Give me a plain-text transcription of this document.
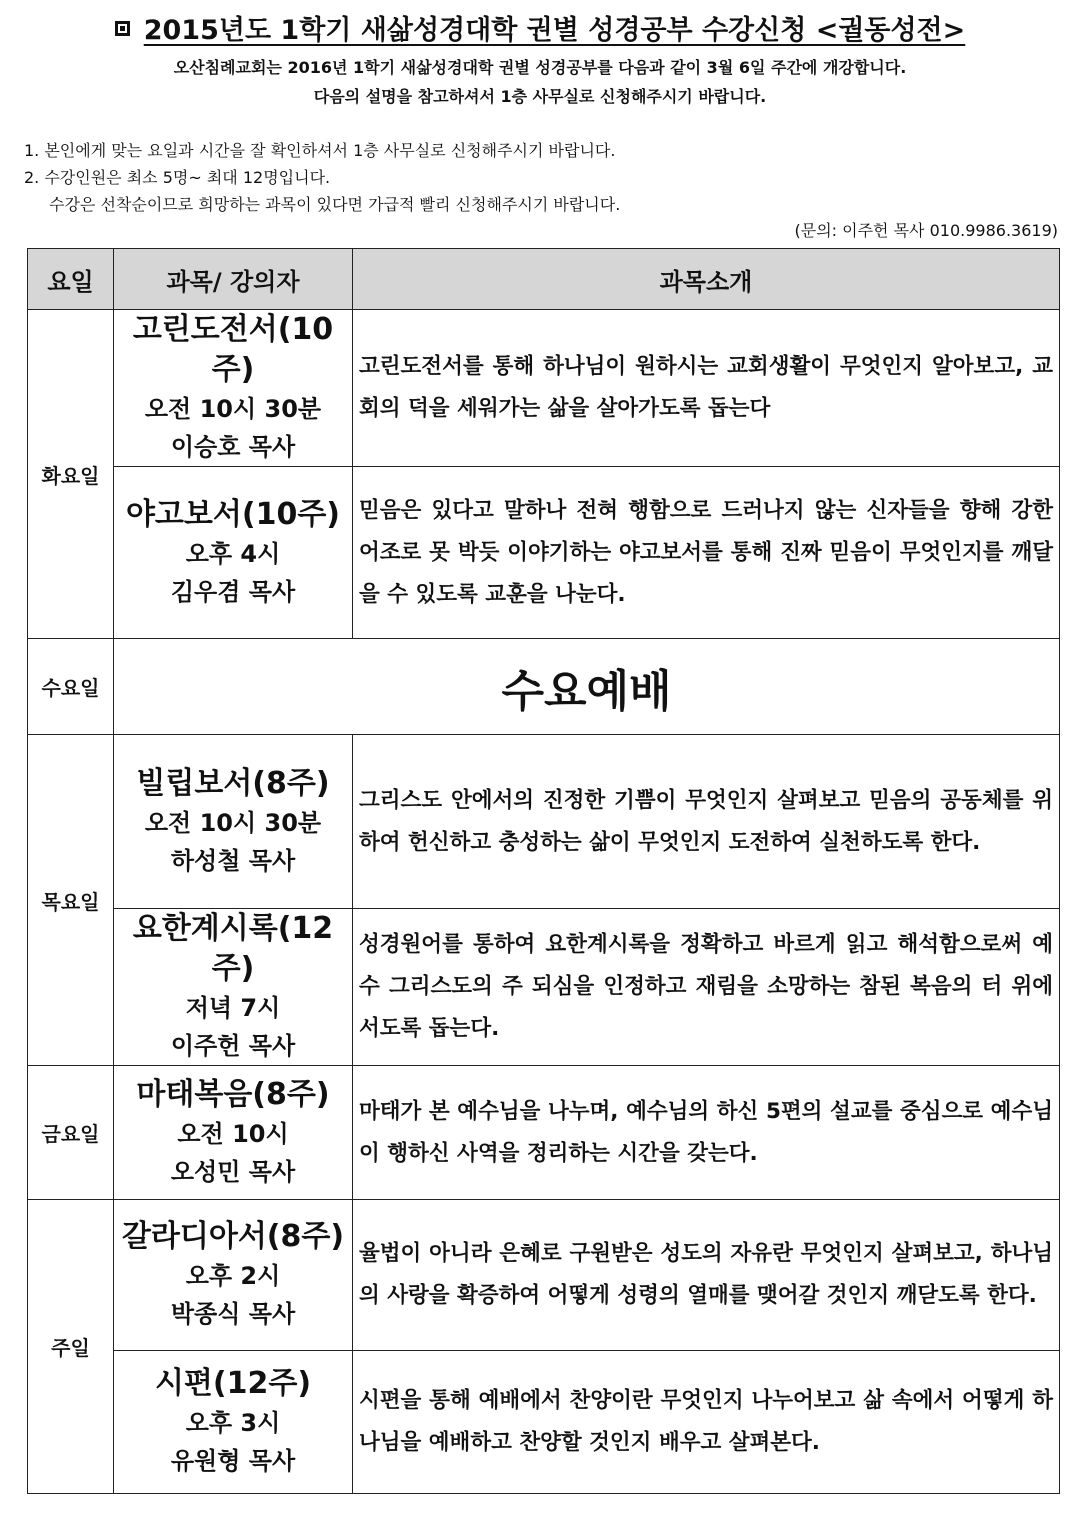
2015년도 1학기 새삶성경대학 권별 성경공부 수강신청 <궐동성전>
오산침례교회는 2016년 1학기 새삶성경대학 권별 성경공부를 다음과 같이 3월 6일 주간에 개강합니다.
다음의 설명을 참고하셔서 1층 사무실로 신청해주시기 바랍니다.
1. 본인에게 맞는 요일과 시간을 잘 확인하셔서 1층 사무실로 신청해주시기 바랍니다.
2. 수강인원은 최소 5명~ 최대 12명입니다.
수강은 선착순이므로 희망하는 과목이 있다면 가급적 빨리 신청해주시기 바랍니다.
(문의: 이주헌 목사 010.9986.3619)
요일	과목/ 강의자	과목소개
화요일	고린도전서(10주)
오전 10시 30분
이승호 목사	고린도전서를 통해 하나님이 원하시는 교회생활이 무엇인지 알아보고, 교회의 덕을 세워가는 삶을 살아가도록 돕는다

	야고보서(10주)
오후 4시
김우겸 목사	믿음은 있다고 말하나 전혀 행함으로 드러나지 않는 신자들을 향해 강한 어조로 못 박듯 이야기하는 야고보서를 통해 진짜 믿음이 무엇인지를 깨달을 수 있도록 교훈을 나눈다.
수요일	수요예배	
목요일	빌립보서(8주)
오전 10시 30분
하성철 목사	그리스도 안에서의 진정한 기쁨이 무엇인지 살펴보고 믿음의 공동체를 위하여 헌신하고 충성하는 삶이 무엇인지 도전하여 실천하도록 한다.

	요한계시록(12주)
저녁 7시
이주헌 목사	성경원어를 통하여 요한계시록을 정확하고 바르게 읽고 해석함으로써 예수 그리스도의 주 되심을 인정하고 재림을 소망하는 참된 복음의 터 위에 서도록 돕는다.
금요일	마태복음(8주)
오전 10시
오성민 목사	마태가 본 예수님을 나누며, 예수님의 하신 5편의 설교를 중심으로 예수님이 행하신 사역을 정리하는 시간을 갖는다.
주일	갈라디아서(8주)
오후 2시
박종식 목사	율법이 아니라 은혜로 구원받은 성도의 자유란 무엇인지 살펴보고, 하나님의 사랑을 확증하여 어떻게 성령의 열매를 맺어갈 것인지 깨닫도록 한다.

	시편(12주)
오후 3시
유원형 목사	시편을 통해 예배에서 찬양이란 무엇인지 나누어보고 삶 속에서 어떻게 하나님을 예배하고 찬양할 것인지 배우고 살펴본다.
